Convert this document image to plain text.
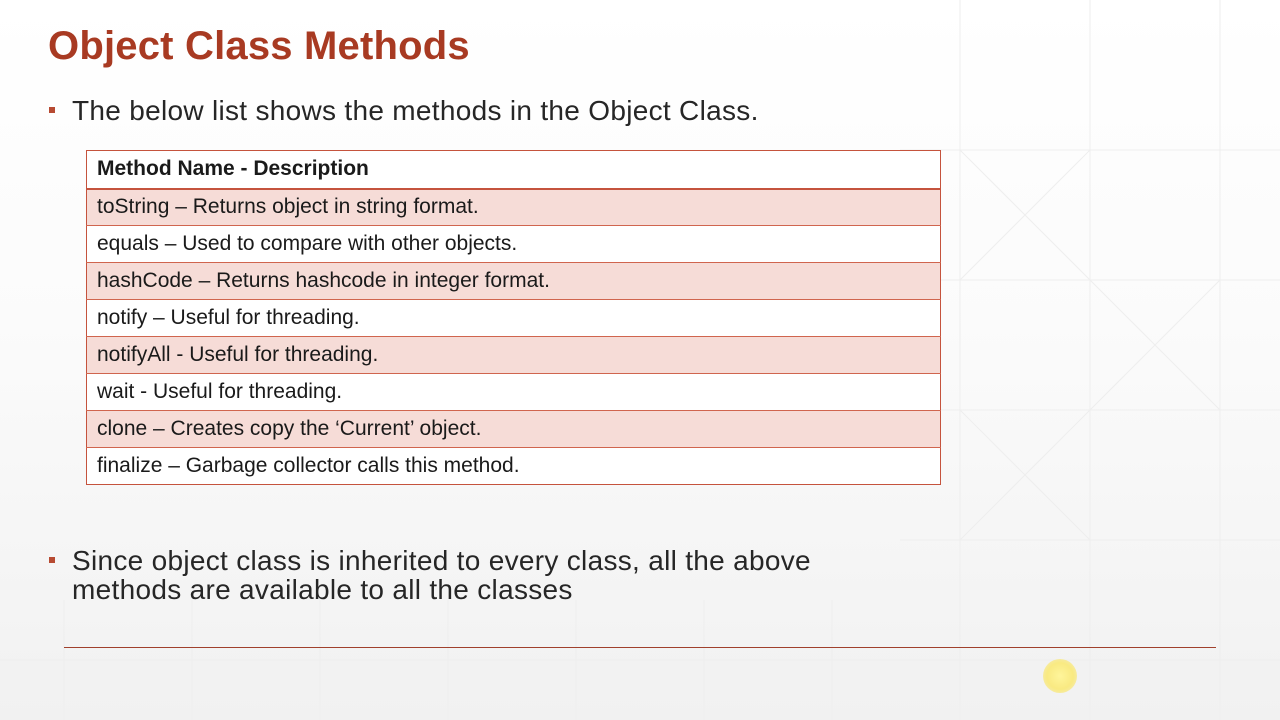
Object Class Methods
The below list shows the methods in the Object Class.
Method Name - Description
toString – Returns object in string format.
equals – Used to compare with other objects.
hashCode – Returns hashcode in integer format.
notify – Useful for threading.
notifyAll - Useful for threading.
wait - Useful for threading.
clone – Creates copy the ‘Current’ object.
finalize – Garbage collector calls this method.
Since object class is inherited to every class, all the above methods are available to all the classes
